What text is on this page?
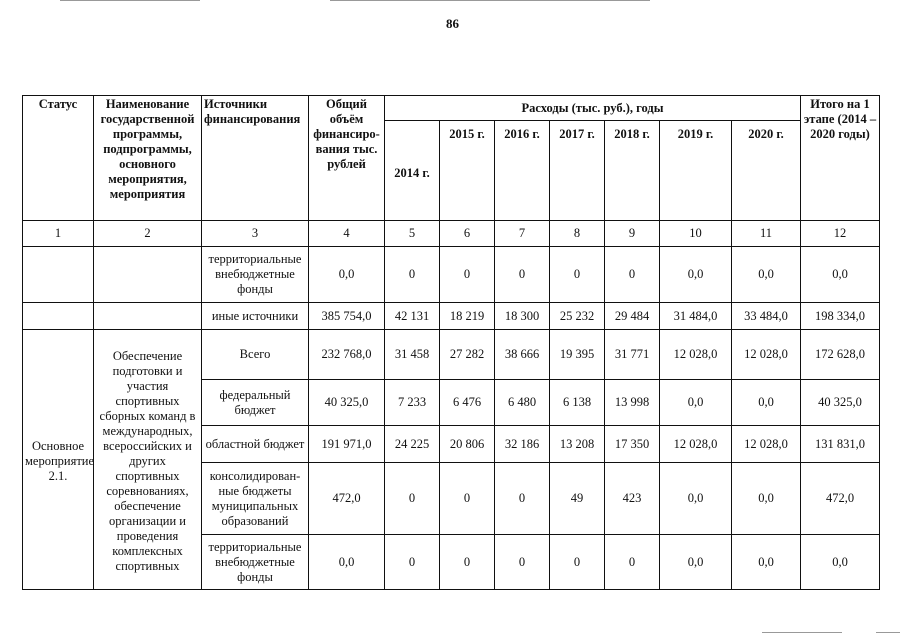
86
Статус	Наименование государственной программы, подпрограммы, основного мероприятия, мероприятия	Источники финансирования	Общий объём финансиро-вания тыс. рублей	Расходы (тыс. руб.), годы							Итого на 1 этапе (2014 – 2020 годы)
				2014 г.	2015 г.	2016 г.	2017 г.	2018 г.	2019 г.	2020 г.	
1	2	3	4	5	6	7	8	9	10	11	12
		территориальные внебюджетные фонды	0,0	0	0	0	0	0	0,0	0,0	0,0
		иные источники	385 754,0	42 131	18 219	18 300	25 232	29 484	31 484,0	33 484,0	198 334,0
Основное мероприятие 2.1.	Обеспечение подготовки и участия спортивных сборных команд в международных, всероссийских и других спортивных соревнованиях, обеспечение организации и проведения комплексных спортивных	Всего	232 768,0	31 458	27 282	38 666	19 395	31 771	12 028,0	12 028,0	172 628,0
		федеральный бюджет	40 325,0	7 233	6 476	6 480	6 138	13 998	0,0	0,0	40 325,0
		областной бюджет	191 971,0	24 225	20 806	32 186	13 208	17 350	12 028,0	12 028,0	131 831,0
		консолидирован-ные бюджеты муниципальных образований	472,0	0	0	0	49	423	0,0	0,0	472,0
		территориальные внебюджетные фонды	0,0	0	0	0	0	0	0,0	0,0	0,0
